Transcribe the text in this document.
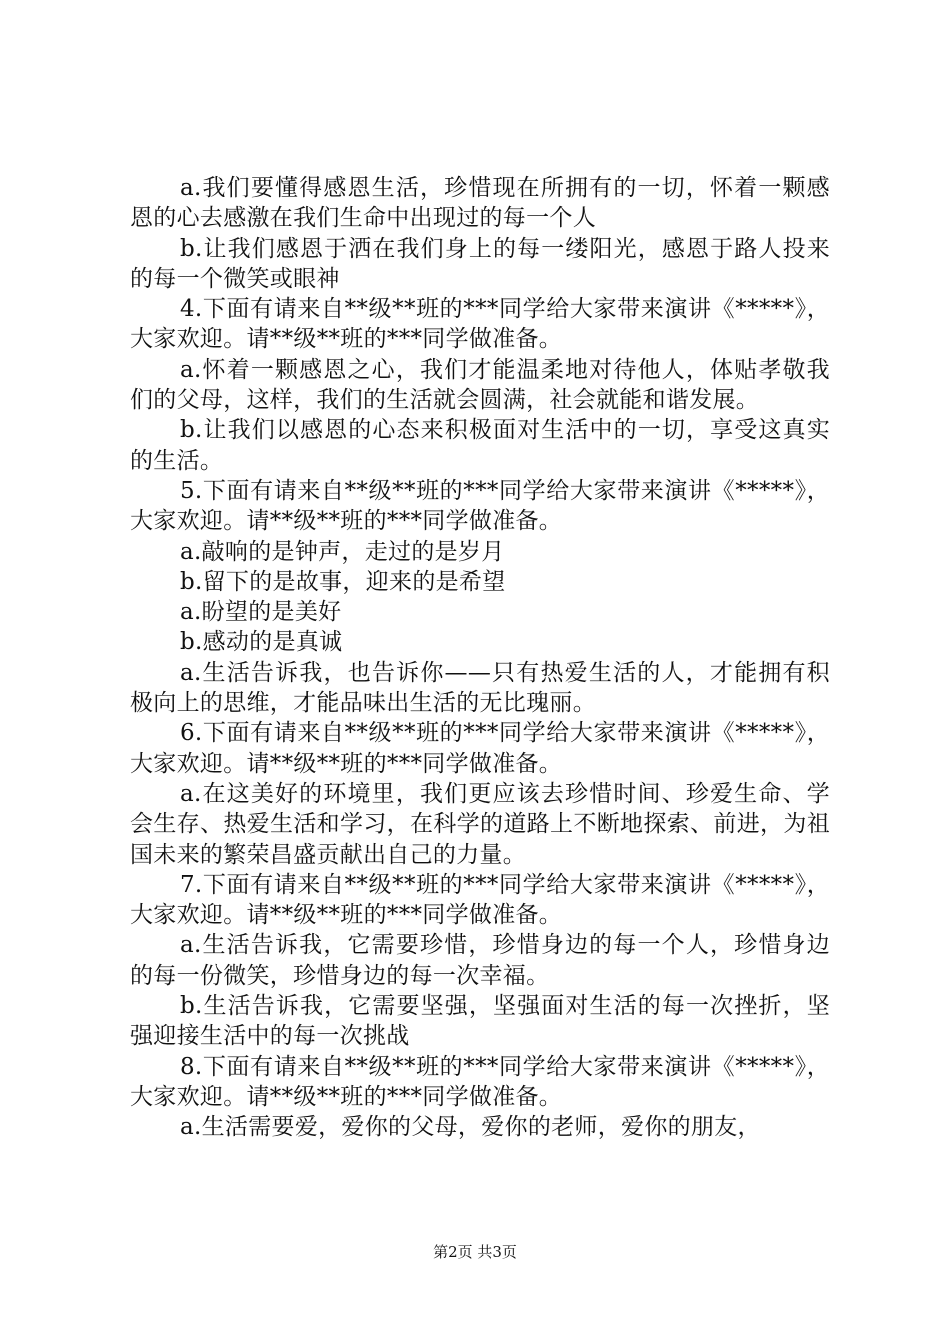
a.我们要懂得感恩生活，珍惜现在所拥有的一切，怀着一颗感恩的心去感激在我们生命中出现过的每一个人

b.让我们感恩于洒在我们身上的每一缕阳光，感恩于路人投来的每一个微笑或眼神

4.下面有请来自**级**班的***同学给大家带来演讲《*****》，大家欢迎。请**级**班的***同学做准备。

a.怀着一颗感恩之心，我们才能温柔地对待他人，体贴孝敬我们的父母，这样，我们的生活就会圆满，社会就能和谐发展。

b.让我们以感恩的心态来积极面对生活中的一切，享受这真实的生活。

5.下面有请来自**级**班的***同学给大家带来演讲《*****》，大家欢迎。请**级**班的***同学做准备。

a.敲响的是钟声，走过的是岁月

b.留下的是故事，迎来的是希望

a.盼望的是美好

b.感动的是真诚

a.生活告诉我，也告诉你——只有热爱生活的人，才能拥有积极向上的思维，才能品味出生活的无比瑰丽。

6.下面有请来自**级**班的***同学给大家带来演讲《*****》，大家欢迎。请**级**班的***同学做准备。

a.在这美好的环境里，我们更应该去珍惜时间、珍爱生命、学会生存、热爱生活和学习，在科学的道路上不断地探索、前进，为祖国未来的繁荣昌盛贡献出自己的力量。

7.下面有请来自**级**班的***同学给大家带来演讲《*****》，大家欢迎。请**级**班的***同学做准备。

a.生活告诉我，它需要珍惜，珍惜身边的每一个人，珍惜身边的每一份微笑，珍惜身边的每一次幸福。

b.生活告诉我，它需要坚强，坚强面对生活的每一次挫折，坚强迎接生活中的每一次挑战

8.下面有请来自**级**班的***同学给大家带来演讲《*****》，大家欢迎。请**级**班的***同学做准备。

a.生活需要爱，爱你的父母，爱你的老师，爱你的朋友，

第2页 共3页
